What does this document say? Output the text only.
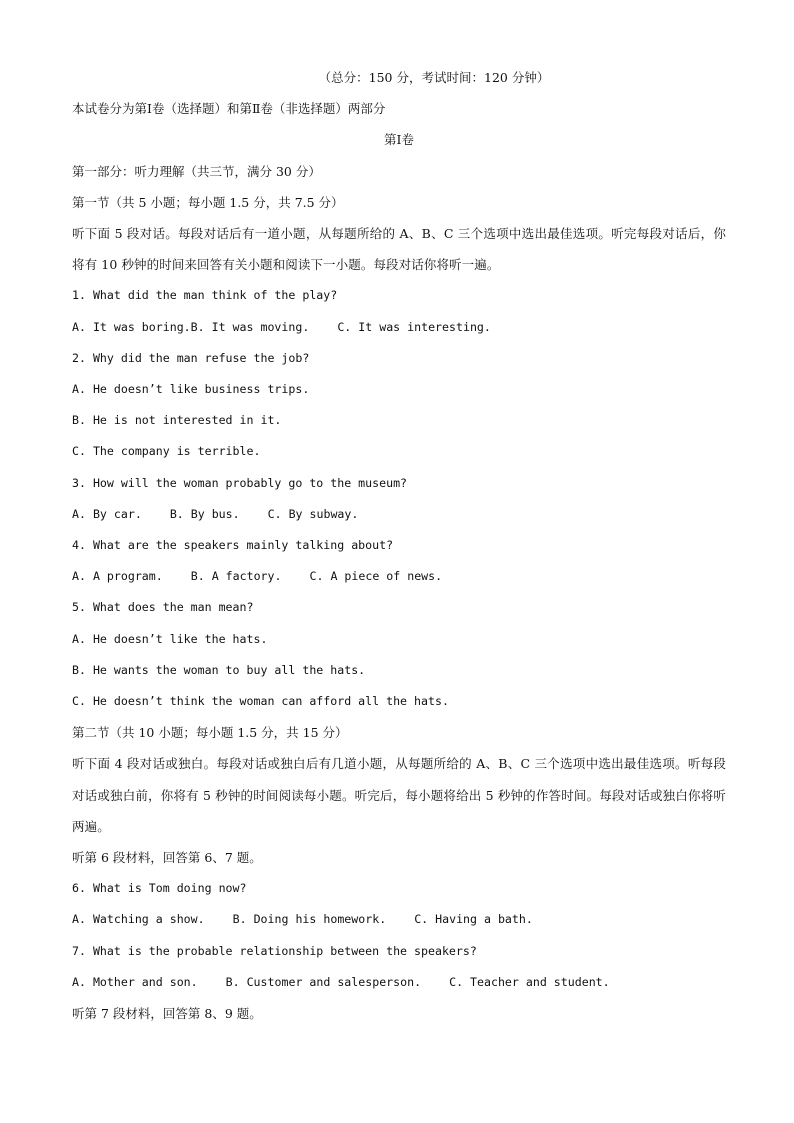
（总分：150 分，考试时间：120 分钟）
本试卷分为第Ⅰ卷（选择题）和第Ⅱ卷（非选择题）两部分
第Ⅰ卷
第一部分：听力理解（共三节，满分 30 分）
第一节（共 5 小题；每小题 1.5 分，共 7.5 分）
听下面 5 段对话。每段对话后有一道小题，从每题所给的 A、B、C 三个选项中选出最佳选项。听完每段对话后，你将有 10 秒钟的时间来回答有关小题和阅读下一小题。每段对话你将听一遍。
1. What did the man think of the play?
A. It was boring.B. It was moving. C. It was interesting.
2. Why did the man refuse the job?
A. He doesn’t like business trips.
B. He is not interested in it.
C. The company is terrible.
3. How will the woman probably go to the museum?
A. By car. B. By bus. C. By subway.
4. What are the speakers mainly talking about?
A. A program. B. A factory. C. A piece of news.
5. What does the man mean?
A. He doesn’t like the hats.
B. He wants the woman to buy all the hats.
C. He doesn’t think the woman can afford all the hats.
第二节（共 10 小题；每小题 1.5 分，共 15 分）
听下面 4 段对话或独白。每段对话或独白后有几道小题，从每题所给的 A、B、C 三个选项中选出最佳选项。听每段对话或独白前，你将有 5 秒钟的时间阅读每小题。听完后，每小题将给出 5 秒钟的作答时间。每段对话或独白你将听两遍。
听第 6 段材料，回答第 6、7 题。
6. What is Tom doing now?
A. Watching a show. B. Doing his homework. C. Having a bath.
7. What is the probable relationship between the speakers?
A. Mother and son. B. Customer and salesperson. C. Teacher and student.
听第 7 段材料，回答第 8、9 题。
